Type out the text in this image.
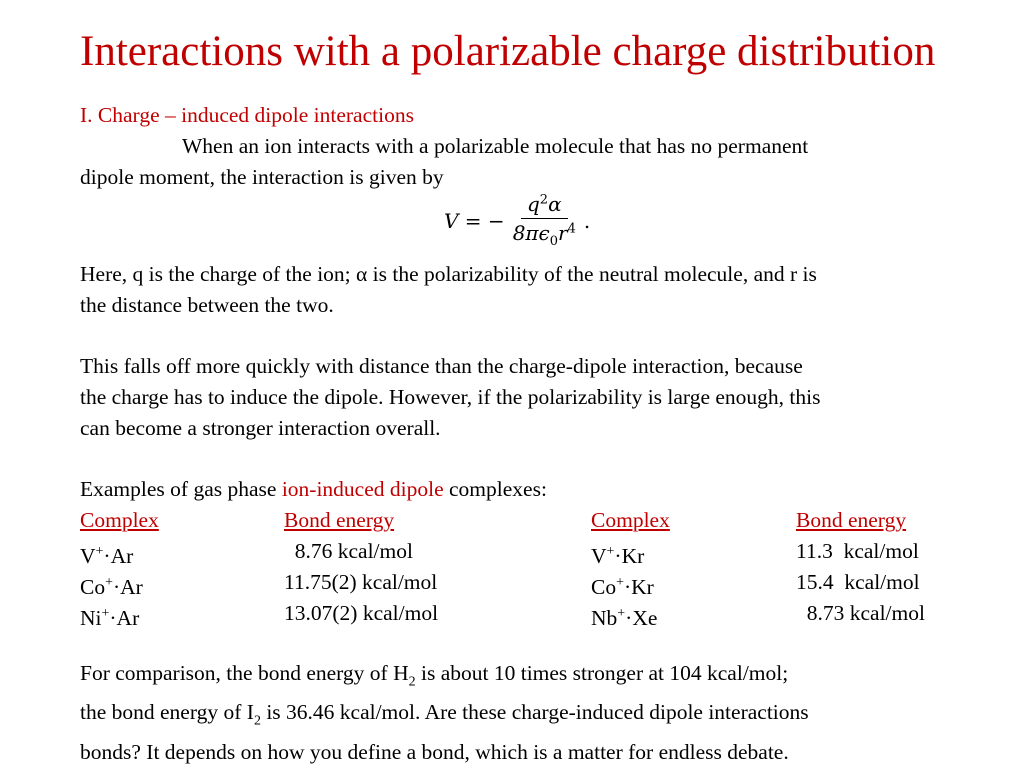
Interactions with a polarizable charge distribution
I. Charge – induced dipole interactions
When an ion interacts with a polarizable molecule that has no permanent
dipole moment, the interaction is given by
V = − $\frac{q^2\alpha}{8\pi\epsilon_0r^4}$ .
Here, q is the charge of the ion; α is the polarizability of the neutral molecule, and r is
the distance between the two.
This falls off more quickly with distance than the charge-dipole interaction, because
the charge has to induce the dipole. However, if the polarizability is large enough, this
can become a stronger interaction overall.
Examples of gas phase ion-induced dipole complexes:
Complex	Bond energy	Complex	Bond energy
V+·Ar	8.76 kcal/mol	V+·Kr	11.3  kcal/mol
Co+·Ar	11.75(2) kcal/mol	Co+·Kr	15.4  kcal/mol
Ni+·Ar	13.07(2) kcal/mol	Nb+·Xe	8.73 kcal/mol
For comparison, the bond energy of $H_2$ is about 10 times stronger at 104 kcal/mol;
the bond energy of $I_2$ is 36.46 kcal/mol. Are these charge-induced dipole interactions
bonds? It depends on how you define a bond, which is a matter for endless debate.
